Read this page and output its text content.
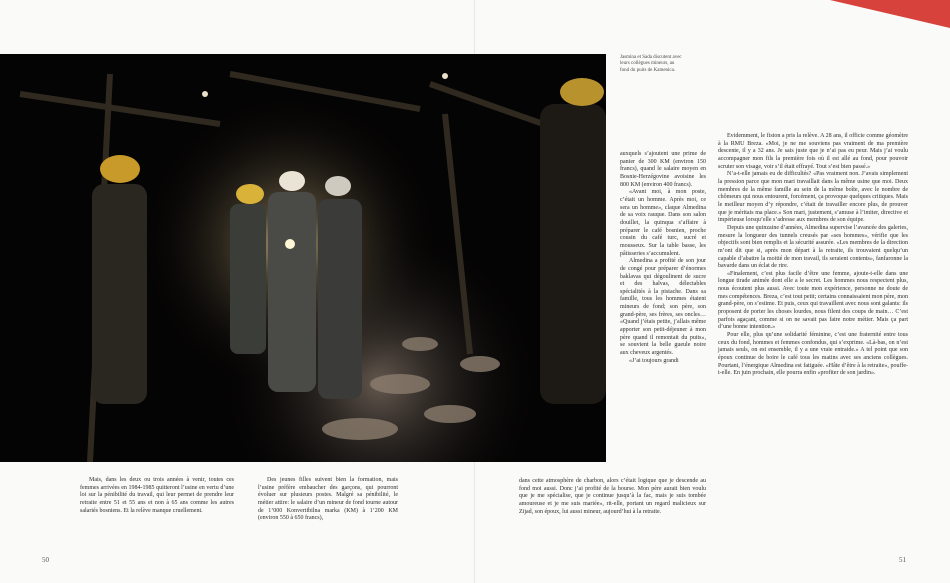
Jasmina et Sada discutent avec leurs collègues mineurs, au fond du puits de Kamenica.

Mais, dans les deux ou trois années à venir, toutes ces femmes arrivées en 1984-1985 quitteront l’usine en vertu d’une loi sur la pénibilité du travail, qui leur permet de prendre leur retraite entre 51 et 55 ans et non à 65 ans comme les autres salariés bosniens. Et la relève manque cruellement.

Des jeunes filles suivent bien la formation, mais l’usine préfère embaucher des garçons, qui pourront évoluer sur plusieurs postes. Malgré sa pénibilité, le métier attire: le salaire d’un mineur de fond tourne autour de 1’000 Konvertibilna marka (KM) à 1’200 KM (environ 550 à 650 francs),

auxquels s’ajoutent une prime de panier de 300 KM (environ 150 francs), quand le salaire moyen en Bosnie-Herzégovine avoisine les 800 KM (environ 400 francs).

«Avant moi, à mon poste, c’était un homme. Après moi, ce sera un homme», claque Almedina de sa voix rauque. Dans son salon douillet, la quinqua s’affaire à préparer le café bosnien, proche cousin du café turc, sucré et mousseux. Sur la table basse, les pâtisseries s’accumulent.

Almedina a profité de son jour de congé pour préparer d’énormes baklavas qui dégoulinent de sucre et des halvas, délectables spécialités à la pistache. Dans sa famille, tous les hommes étaient mineurs de fond; son père, son grand-père, ses frères, ses oncles… «Quand j’étais petite, j’allais même apporter son petit-déjeuner à mon père quand il remontait du puits», se souvient la belle gueule noire aux cheveux argentés.

«J’ai toujours grandi

dans cette atmosphère de charbon, alors c’était logique que je descende au fond moi aussi. Donc j’ai profité de la bourse. Mon père aurait bien voulu que je me spécialise, que je continue jusqu’à la fac, mais je suis tombée amoureuse et je me suis mariée», rit-elle, portant un regard malicieux sur Zijad, son époux, lui aussi mineur, aujourd’hui à la retraite.

Evidemment, le fiston a pris la relève. A 28 ans, il officie comme géomètre à la RMU Breza. «Moi, je ne me souviens pas vraiment de ma première descente, il y a 32 ans. Je sais juste que je n’ai pas eu peur. Mais j’ai voulu accompagner mon fils la première fois où il est allé au fond, pour pouvoir scruter son visage, voir s’il était effrayé. Tout s’est bien passé.»

N’a-t-elle jamais eu de difficultés? «Pas vraiment non. J’avais simplement la pression parce que mon mari travaillait dans la même usine que moi. Deux membres de la même famille au sein de la même boîte, avec le nombre de chômeurs qui nous entourent, forcément, ça provoque quelques critiques. Mais le meilleur moyen d’y répondre, c’était de travailler encore plus, de prouver que je méritais ma place.» Son mari, justement, s’amuse à l’imiter, directive et impérieuse lorsqu’elle s’adresse aux membres de son équipe.

Depuis une quinzaine d’années, Almedina supervise l’avancée des galeries, mesure la longueur des tunnels creusés par «ses hommes», vérifie que les objectifs sont bien remplis et la sécurité assurée. «Les membres de la direction m’ont dit que si, après mon départ à la retraite, ils trouvaient quelqu’un capable d’abattre la moitié de mon travail, ils seraient contents», fanfaronne la bavarde dans un éclat de rire.

«Finalement, c’est plus facile d’être une femme, ajoute-t-elle dans une longue tirade animée dont elle a le secret. Les hommes nous respectent plus, nous écoutent plus aussi. Avec toute mon expérience, personne ne doute de mes compétences. Breza, c’est tout petit; certains connaissaient mon père, mon grand-père, on s’estime. Et puis, ceux qui travaillent avec nous sont galants: ils proposent de porter les choses lourdes, nous filent des coups de main… C’est parfois agaçant, comme si on ne savait pas faire notre métier. Mais ça part d’une bonne intention.»

Pour elle, plus qu’une solidarité féminine, c’est une fraternité entre tous ceux du fond, hommes et femmes confondus, qui s’exprime. «Là-bas, on n’est jamais seuls, on est ensemble, il y a une vraie entraide.» A tel point que son époux continue de boire le café tous les matins avec ses anciens collègues. Pourtant, l’énergique Almedina est fatiguée. «Hâte d’être à la retraite», pouffe-t-elle. En juin prochain, elle pourra enfin «profiter de son jardin».

50	51
